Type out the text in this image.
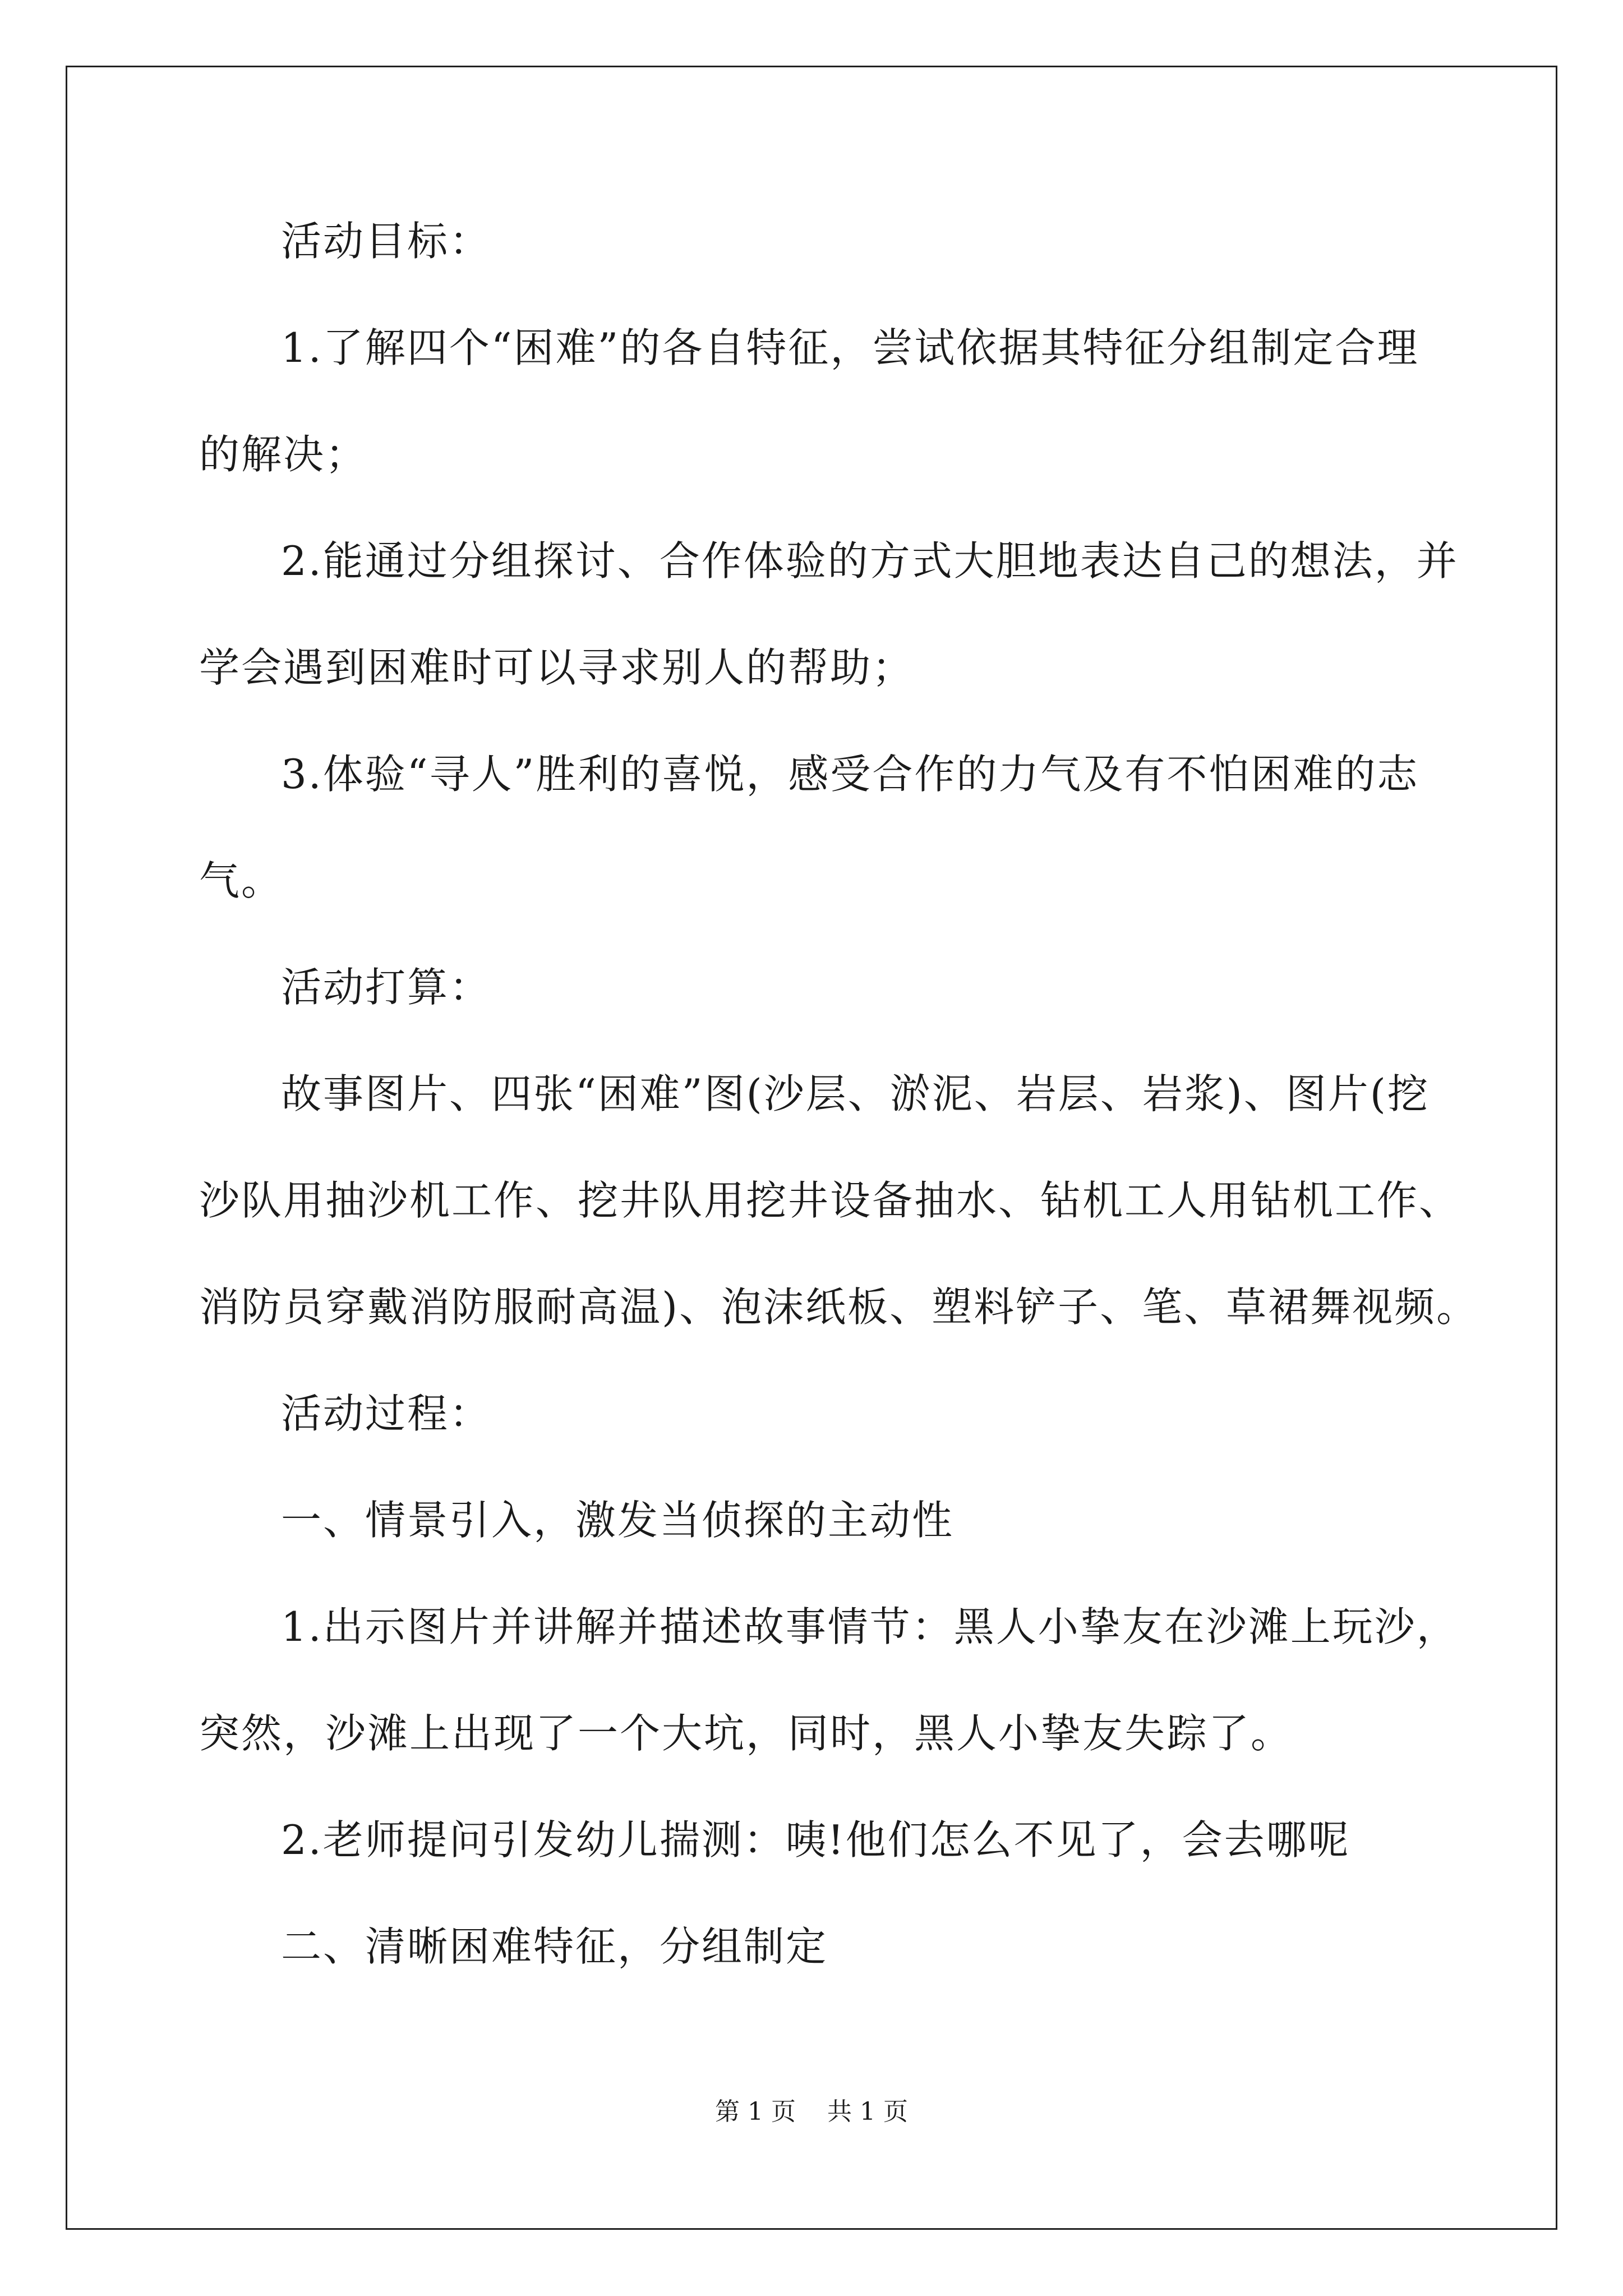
活动目标：
1.了解四个“困难”的各自特征，尝试依据其特征分组制定合理
的解决；
2.能通过分组探讨、合作体验的方式大胆地表达自己的想法，并
学会遇到困难时可以寻求别人的帮助；
3.体验“寻人”胜利的喜悦，感受合作的力气及有不怕困难的志
气。
活动打算：
故事图片、四张“困难”图(沙层、淤泥、岩层、岩浆)、图片(挖
沙队用抽沙机工作、挖井队用挖井设备抽水、钻机工人用钻机工作、
消防员穿戴消防服耐高温)、泡沫纸板、塑料铲子、笔、草裙舞视频。
活动过程：
一、情景引入，激发当侦探的主动性
1.出示图片并讲解并描述故事情节：黑人小挚友在沙滩上玩沙，
突然，沙滩上出现了一个大坑，同时，黑人小挚友失踪了。
2.老师提问引发幼儿揣测：咦!他们怎么不见了，会去哪呢
二、清晰困难特征，分组制定
第 1 页 共 1 页
